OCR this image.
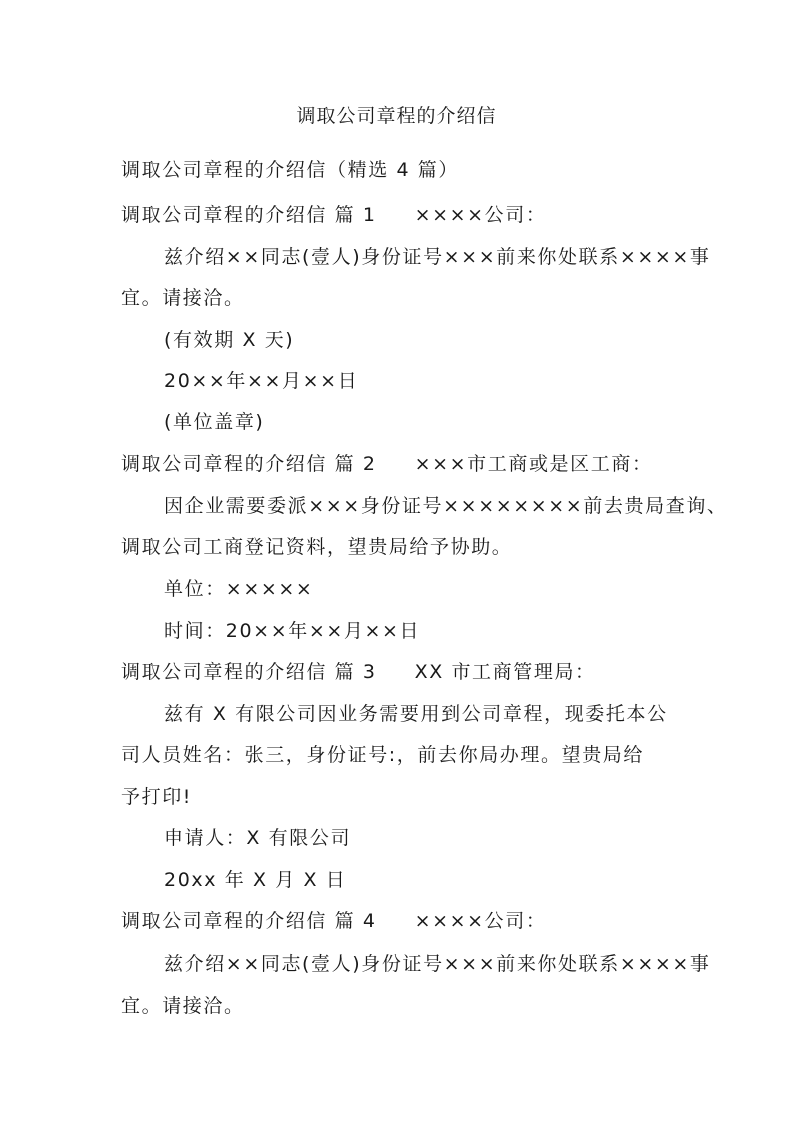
调取公司章程的介绍信
调取公司章程的介绍信（精选 4 篇）
调取公司章程的介绍信 篇 1 ××××公司：
兹介绍××同志(壹人)身份证号×××前来你处联系××××事
宜。请接洽。
(有效期 X 天)
20××年××月××日
(单位盖章)
调取公司章程的介绍信 篇 2 ×××市工商或是区工商：
因企业需要委派×××身份证号××××××××前去贵局查询、
调取公司工商登记资料，望贵局给予协助。
单位：×××××
时间：20××年××月××日
调取公司章程的介绍信 篇 3 XX 市工商管理局：
兹有 X 有限公司因业务需要用到公司章程，现委托本公
司人员姓名：张三，身份证号:，前去你局办理。望贵局给
予打印!
申请人：X 有限公司
20xx 年 X 月 X 日
调取公司章程的介绍信 篇 4 ××××公司：
兹介绍××同志(壹人)身份证号×××前来你处联系××××事
宜。请接洽。
